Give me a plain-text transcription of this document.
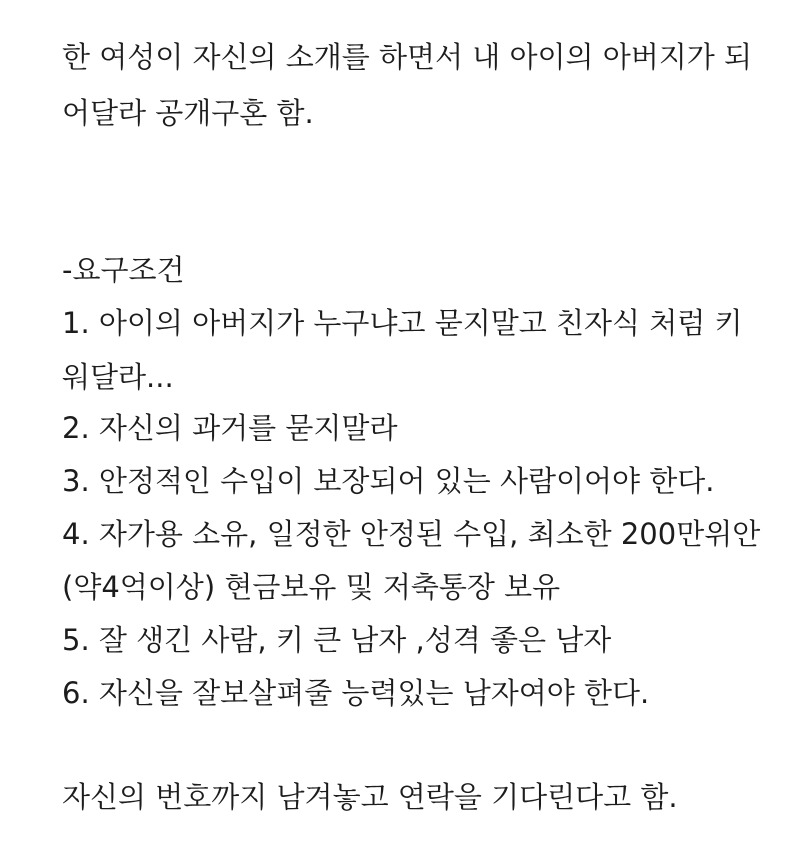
한 여성이 자신의 소개를 하면서 내 아이의 아버지가 되
어달라 공개구혼 함.
-요구조건
1. 아이의 아버지가 누구냐고 묻지말고 친자식 처럼 키
워달라...
2. 자신의 과거를 묻지말라
3. 안정적인 수입이 보장되어 있는 사람이어야 한다.
4. 자가용 소유, 일정한 안정된 수입, 최소한 200만위안
(약4억이상) 현금보유 및 저축통장 보유
5. 잘 생긴 사람, 키 큰 남자 ,성격 좋은 남자
6. 자신을 잘보살펴줄 능력있는 남자여야 한다.
자신의 번호까지 남겨놓고 연락을 기다린다고 함.
